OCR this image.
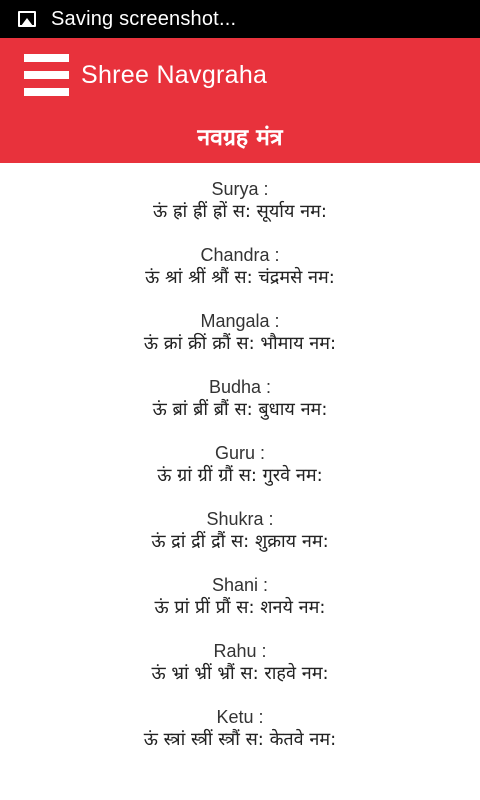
Saving screenshot...
Shree Navgraha
नवग्रह मंत्र
Surya :
ऊं ह्रां ह्रीं ह्रों स: सूर्याय नम:
Chandra :
ऊं श्रां श्रीं श्रौं स: चंद्रमसे नम:
Mangala :
ऊं क्रां क्रीं क्रौं स: भौमाय नम:
Budha :
ऊं ब्रां ब्रीं ब्रौं स: बुधाय नम:
Guru :
ऊं ग्रां ग्रीं ग्रौं स: गुरवे नम:
Shukra :
ऊं द्रां द्रीं द्रौं स: शुक्राय नम:
Shani :
ऊं प्रां प्रीं प्रौं स: शनये नम:
Rahu :
ऊं भ्रां भ्रीं भ्रौं स: राहवे नम:
Ketu :
ऊं स्त्रां स्त्रीं स्त्रौं स: केतवे नम:
